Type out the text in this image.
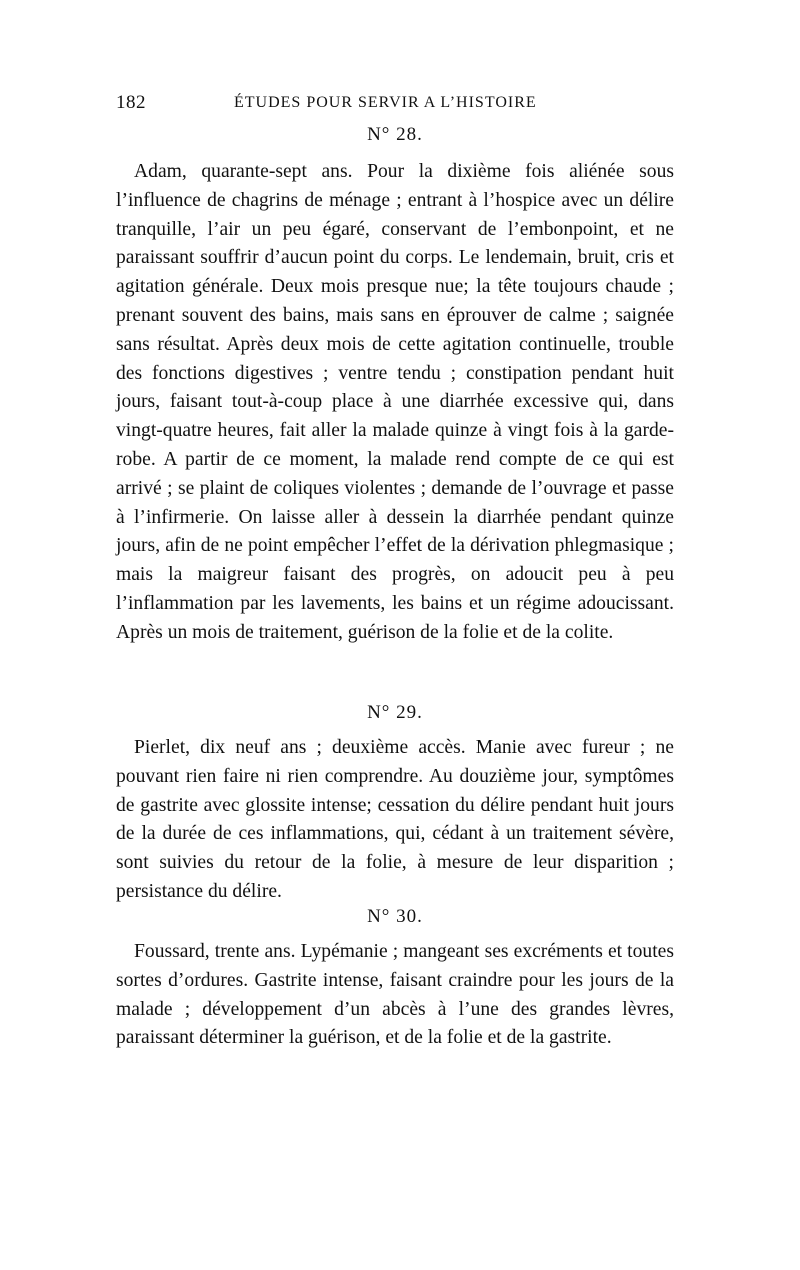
182	ÉTUDES POUR SERVIR A L’HISTOIRE
N° 28.

Adam, quarante-sept ans. Pour la dixième fois aliénée sous l’influence de chagrins de ménage ; entrant à l’hospice avec un délire tranquille, l’air un peu égaré, conservant de l’embonpoint, et ne paraissant souffrir d’aucun point du corps. Le lendemain, bruit, cris et agitation générale. Deux mois presque nue; la tête toujours chaude ; prenant souvent des bains, mais sans en éprouver de calme ; saignée sans résultat. Après deux mois de cette agitation continuelle, trouble des fonctions digestives ; ventre tendu ; constipation pendant huit jours, faisant tout-à-coup place à une diarrhée excessive qui, dans vingt-quatre heures, fait aller la malade quinze à vingt fois à la garde-robe. A partir de ce moment, la malade rend compte de ce qui est arrivé ; se plaint de coliques violentes ; demande de l’ouvrage et passe à l’infirmerie. On laisse aller à dessein la diarrhée pendant quinze jours, afin de ne point empêcher l’effet de la dérivation phlegmasique ; mais la maigreur faisant des progrès, on adoucit peu à peu l’inflammation par les lavements, les bains et un régime adoucissant. Après un mois de traitement, guérison de la folie et de la colite.

N° 29.

Pierlet, dix neuf ans ; deuxième accès. Manie avec fureur ; ne pouvant rien faire ni rien comprendre. Au douzième jour, symptômes de gastrite avec glossite intense; cessation du délire pendant huit jours de la durée de ces inflammations, qui, cédant à un traitement sévère, sont suivies du retour de la folie, à mesure de leur disparition ; persistance du délire.

N° 30.

Foussard, trente ans. Lypémanie ; mangeant ses excréments et toutes sortes d’ordures. Gastrite intense, faisant craindre pour les jours de la malade ; développement d’un abcès à l’une des grandes lèvres, paraissant déterminer la guérison, et de la folie et de la gastrite.
